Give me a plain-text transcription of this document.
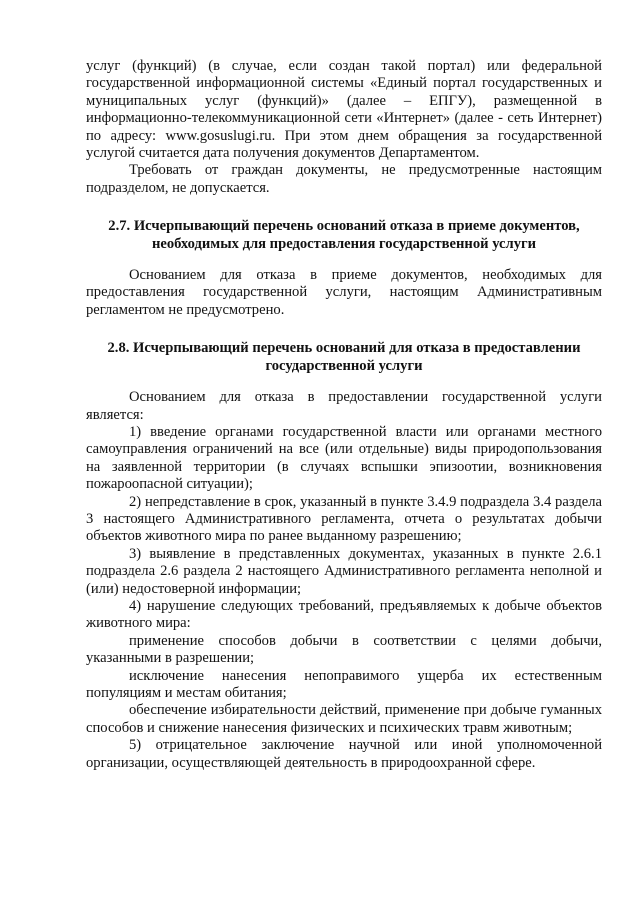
услуг (функций) (в случае, если создан такой портал) или федеральной государственной информационной системы «Единый портал государственных и муниципальных услуг (функций)» (далее – ЕПГУ), размещенной в информационно-телекоммуникационной сети «Интернет» (далее - сеть Интернет) по адресу: www.gosuslugi.ru. При этом днем обращения за государственной услугой считается дата получения документов Департаментом.

Требовать от граждан документы, не предусмотренные настоящим подразделом, не допускается.

2.7. Исчерпывающий перечень оснований отказа в приеме документов,

необходимых для предоставления государственной услуги

Основанием для отказа в приеме документов, необходимых для предоставления государственной услуги, настоящим Административным регламентом не предусмотрено.

2.8. Исчерпывающий перечень оснований для отказа в предоставлении

государственной услуги

Основанием для отказа в предоставлении государственной услуги является:

1) введение органами государственной власти или органами местного самоуправления ограничений на все (или отдельные) виды природопользования на заявленной территории (в случаях вспышки эпизоотии, возникновения пожароопасной ситуации);

2) непредставление в срок, указанный в пункте 3.4.9 подраздела 3.4 раздела 3 настоящего Административного регламента, отчета о результатах добычи объектов животного мира по ранее выданному разрешению;

3) выявление в представленных документах, указанных в пункте 2.6.1 подраздела 2.6 раздела 2 настоящего Административного регламента неполной и (или) недостоверной информации;

4) нарушение следующих требований, предъявляемых к добыче объектов животного мира:

применение способов добычи в соответствии с целями добычи, указанными в разрешении;

исключение нанесения непоправимого ущерба их естественным популяциям и местам обитания;

обеспечение избирательности действий, применение при добыче гуманных способов и снижение нанесения физических и психических травм животным;

5) отрицательное заключение научной или иной уполномоченной организации, осуществляющей деятельность в природоохранной сфере.
